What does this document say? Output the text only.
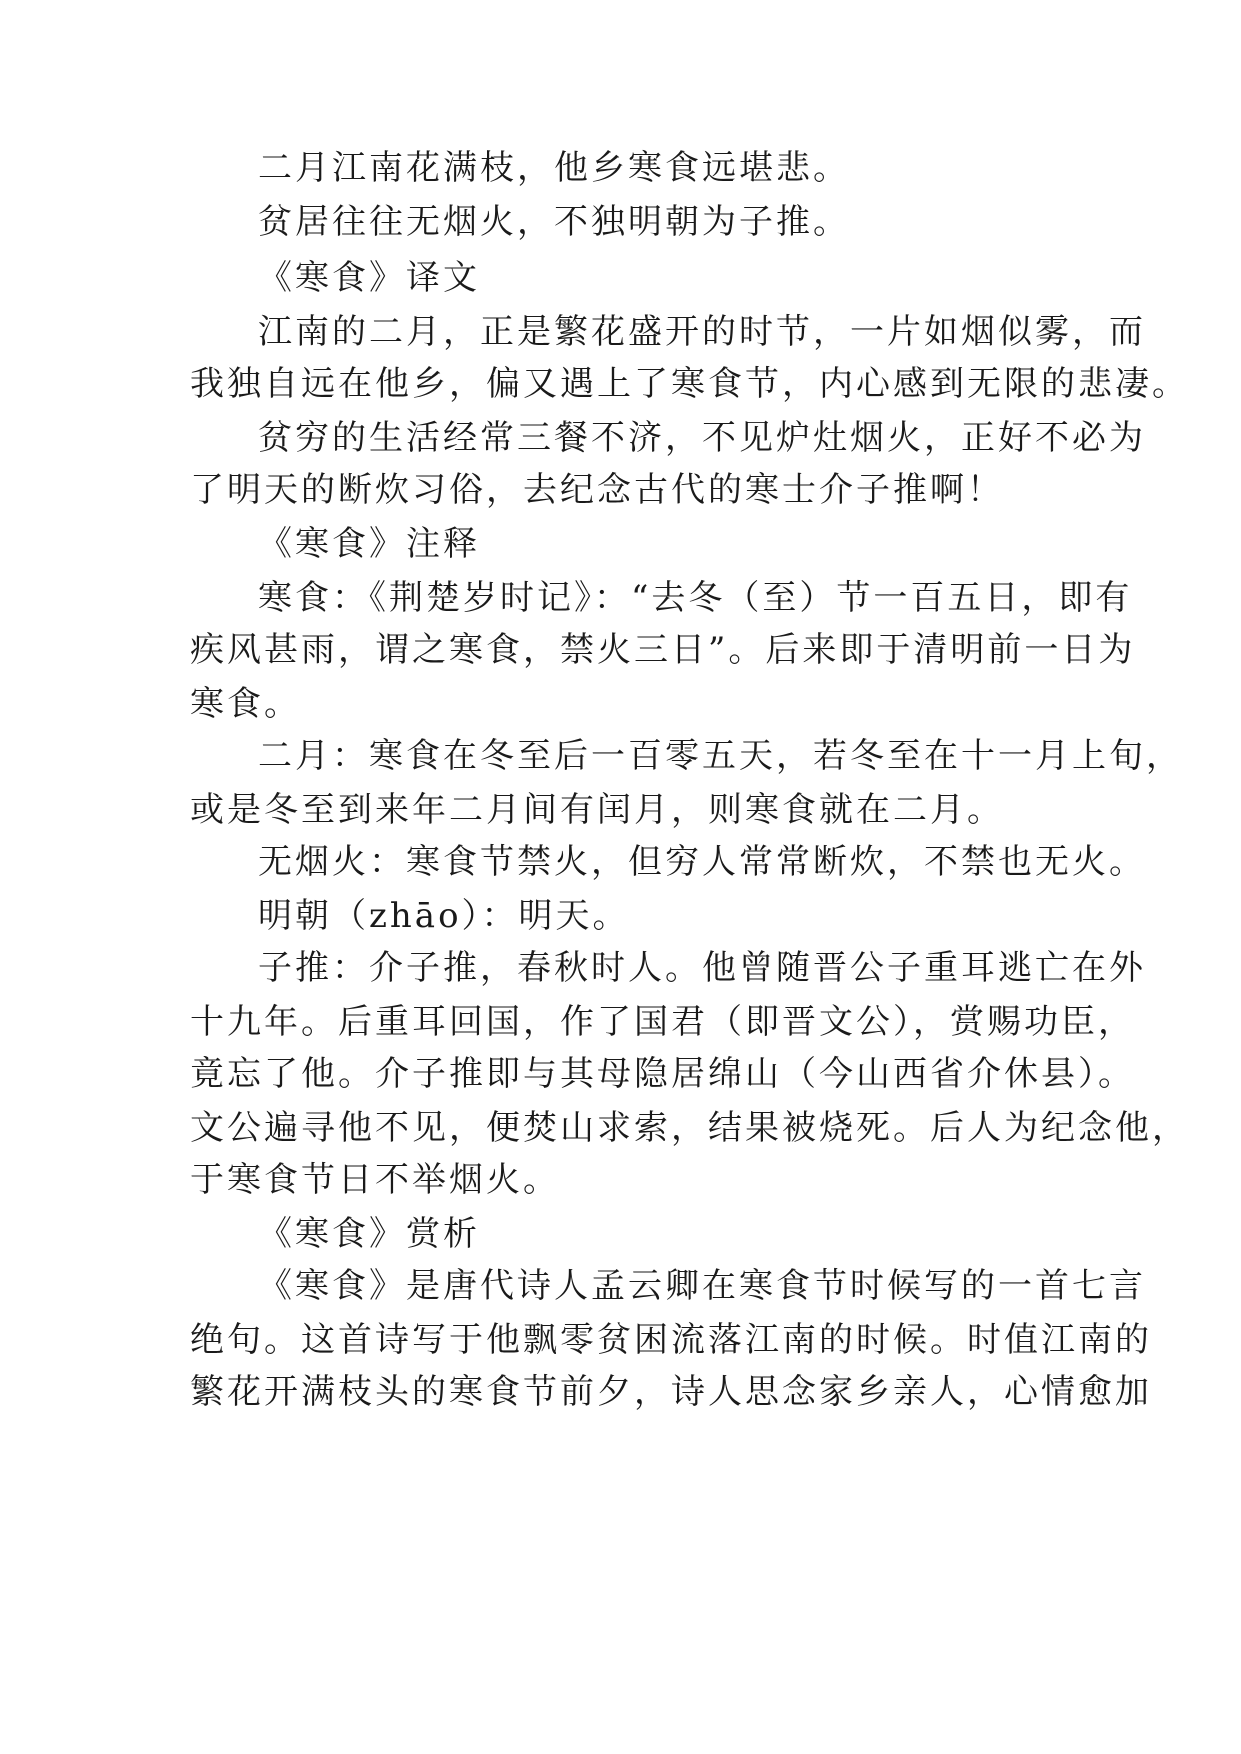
二月江南花满枝，他乡寒食远堪悲。
贫居往往无烟火，不独明朝为子推。
《寒食》译文
江南的二月，正是繁花盛开的时节，一片如烟似雾，而
我独自远在他乡，偏又遇上了寒食节，内心感到无限的悲凄。
贫穷的生活经常三餐不济，不见炉灶烟火，正好不必为
了明天的断炊习俗，去纪念古代的寒士介子推啊！
《寒食》注释
寒食：《荆楚岁时记》：“去冬（至）节一百五日，即有
疾风甚雨，谓之寒食，禁火三日”。后来即于清明前一日为
寒食。
二月：寒食在冬至后一百零五天，若冬至在十一月上旬，
或是冬至到来年二月间有闰月，则寒食就在二月。
无烟火：寒食节禁火，但穷人常常断炊，不禁也无火。
明朝（zhāo）：明天。
子推：介子推，春秋时人。他曾随晋公子重耳逃亡在外
十九年。后重耳回国，作了国君（即晋文公），赏赐功臣，
竟忘了他。介子推即与其母隐居绵山（今山西省介休县）。
文公遍寻他不见，便焚山求索，结果被烧死。后人为纪念他，
于寒食节日不举烟火。
《寒食》赏析
《寒食》是唐代诗人孟云卿在寒食节时候写的一首七言
绝句。这首诗写于他飘零贫困流落江南的时候。时值江南的
繁花开满枝头的寒食节前夕，诗人思念家乡亲人，心情愈加
